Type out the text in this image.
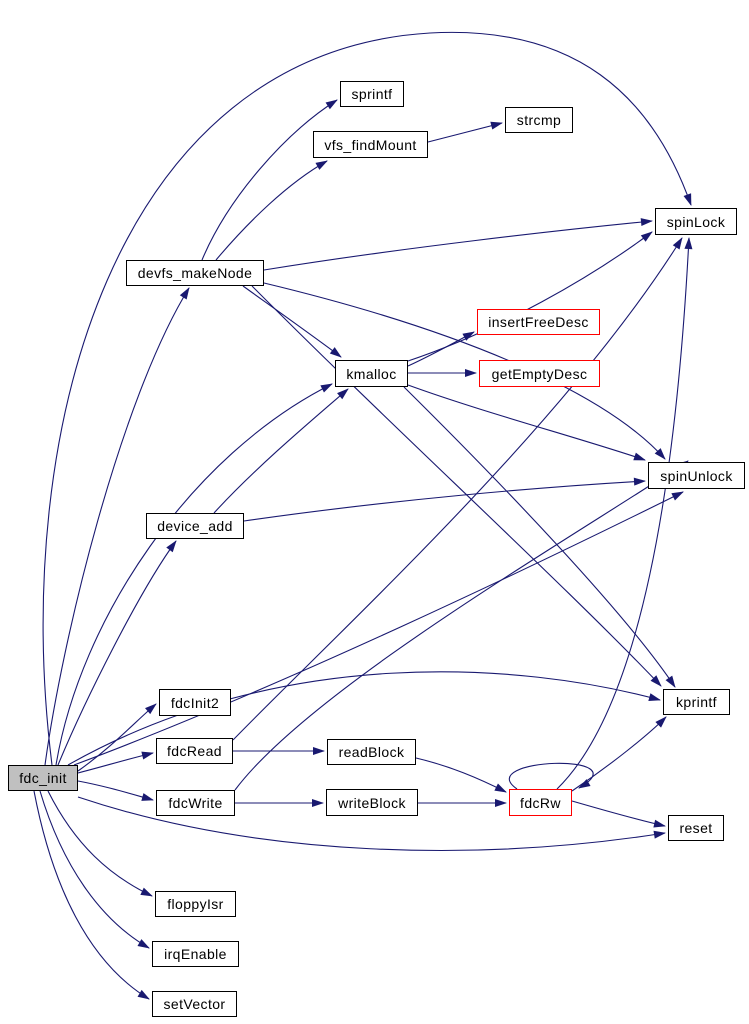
fdc_init
devfs_makeNode
sprintf
vfs_findMount
strcmp
spinLock
insertFreeDesc
kmalloc	getEmptyDesc
spinUnlock
device_add
fdcInit2
fdcRead
fdcWrite
floppyIsr
irqEnable
setVector
readBlock
writeBlock	fdcRw
kprintf
reset
